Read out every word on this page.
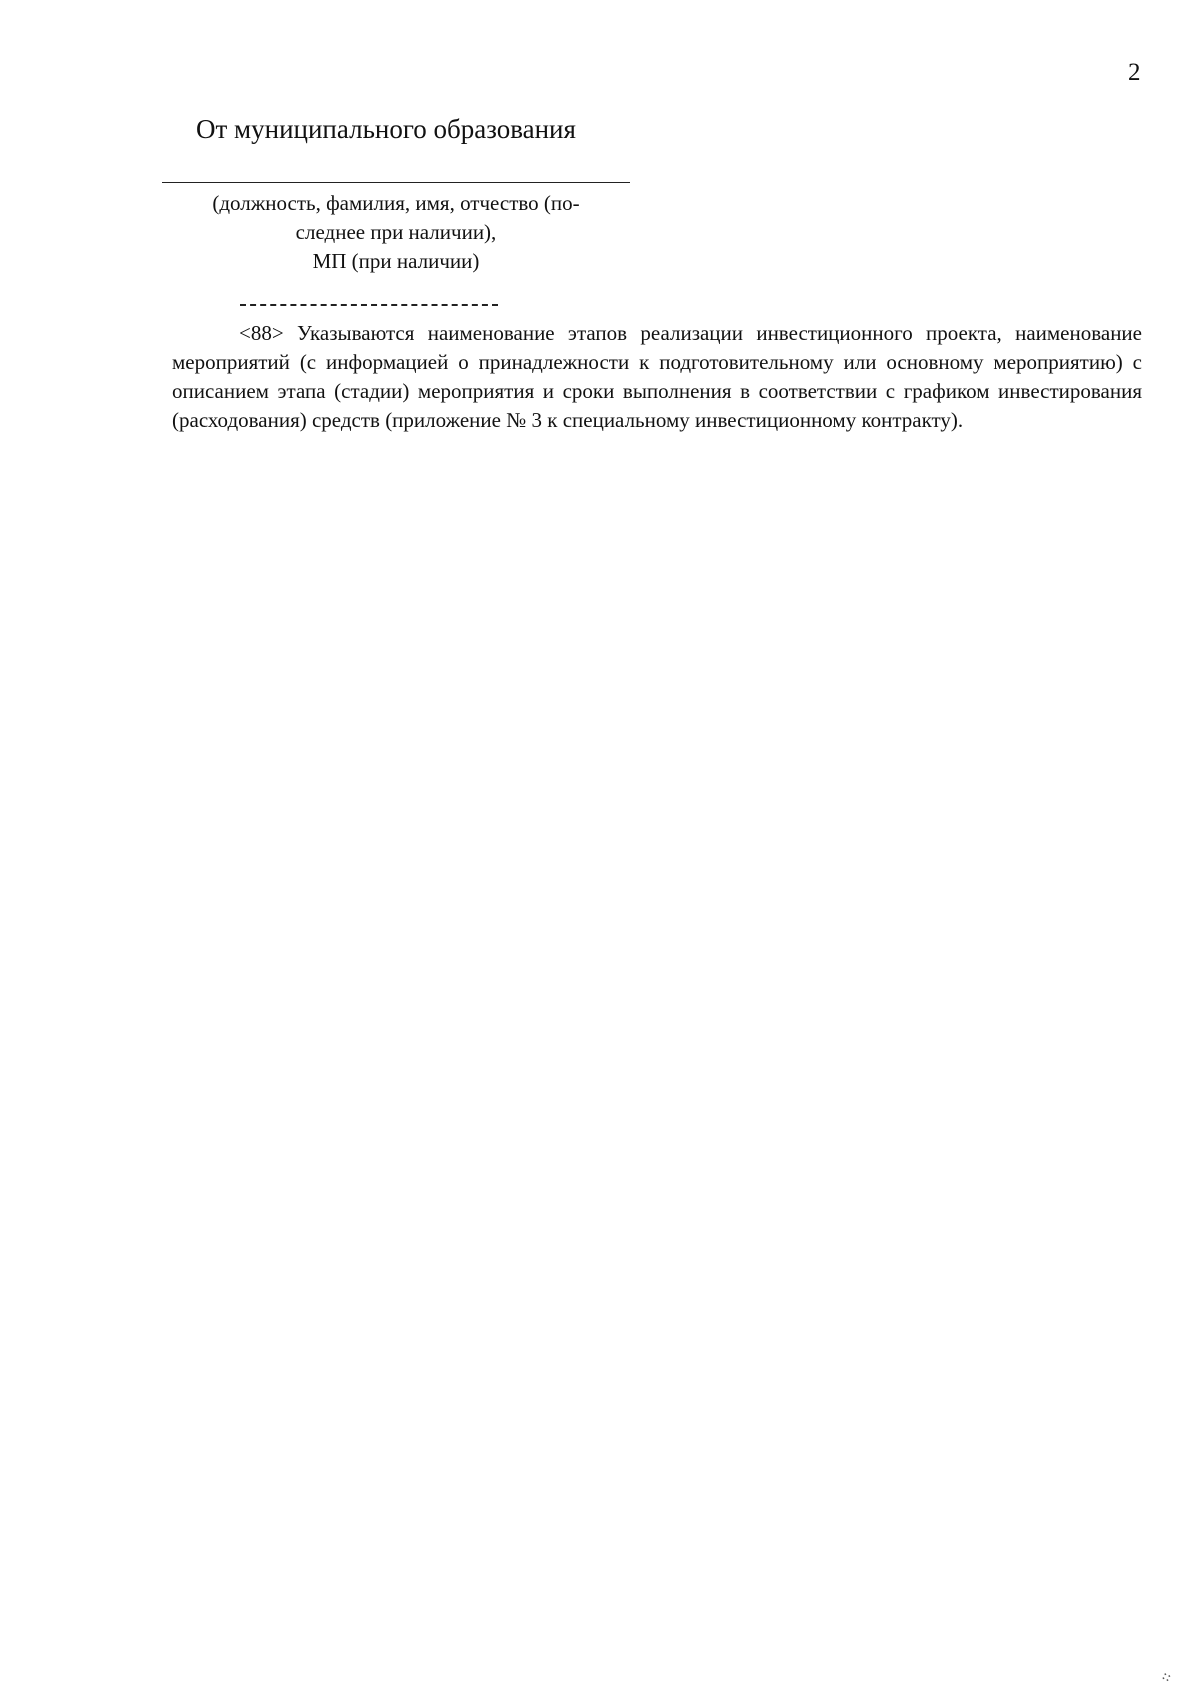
2
От муниципального образования
(должность, фамилия, имя, отчество (по-
следнее при наличии),
МП (при наличии)
<88> Указываются наименование этапов реализации инвестиционного проекта, наименование мероприятий (с информацией о принадлежности к подготовительному или основному мероприятию) с описанием этапа (стадии) мероприятия и сроки выполнения в соответствии с графиком инвестирования (расходования) средств (приложение № 3 к специальному инвестиционному контракту).
⁘
